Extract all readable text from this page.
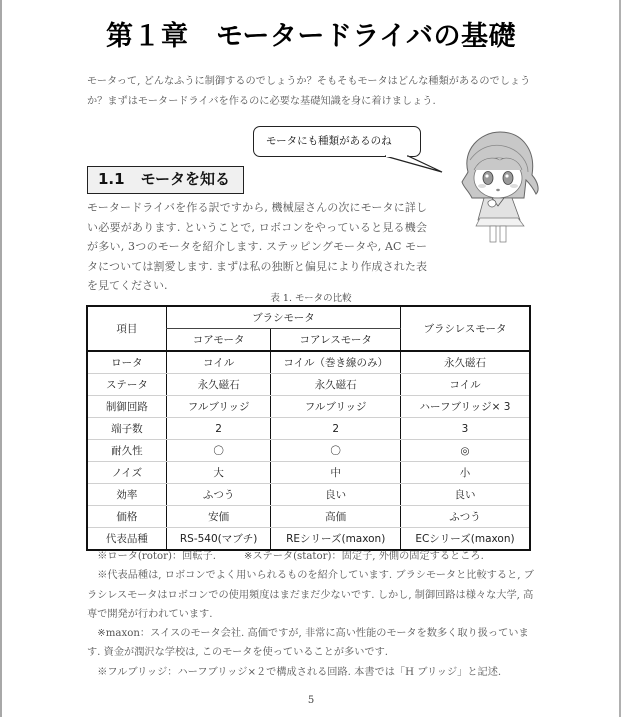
第１章　モータードライバの基礎
モータって, どんなふうに制御するのでしょうか？そもそもモータはどんな種類があるのでしょうか？まずはモータードライバを作るのに必要な基礎知識を身に着けましょう.
モータにも種類があるのね
1.1 モータを知る
モータードライバを作る訳ですから, 機械屋さんの次にモータに詳しい必要があります. ということで, ロボコンをやっていると見る機会が多い, 3つのモータを紹介します. ステッピングモータや, AC モータについては割愛します. まずは私の独断と偏見により作成された表を見てください.
表 1. モータの比較
項目	ブラシモータ		ブラシレスモータ
	コアモータ	コアレスモータ	
ロータ	コイル	コイル（巻き線のみ）	永久磁石
ステータ	永久磁石	永久磁石	コイル
制御回路	フルブリッジ	フルブリッジ	ハーフブリッジ× 3
端子数	2	2	3
耐久性	〇	〇	◎
ノイズ	大	中	小
効率	ふつう	良い	良い
価格	安価	高価	ふつう
代表品種	RS-540(マブチ)	REシリーズ(maxon)	ECシリーズ(maxon)

※ロータ(rotor)：回転子.	※ステータ(stator)：固定子, 外側の固定するところ.

※代表品種は, ロボコンでよく用いられるものを紹介しています. ブラシモータと比較すると, ブラシレスモータはロボコンでの使用頻度はまだまだ少ないです. しかし, 制御回路は様々な大学, 高専で開発が行われています.

※maxon：スイスのモータ会社. 高価ですが, 非常に高い性能のモータを数多く取り扱っています. 資金が潤沢な学校は, このモータを使っていることが多いです.

※フルブリッジ：ハーフブリッジ×２で構成される回路. 本書では「H ブリッジ」と記述.

5
